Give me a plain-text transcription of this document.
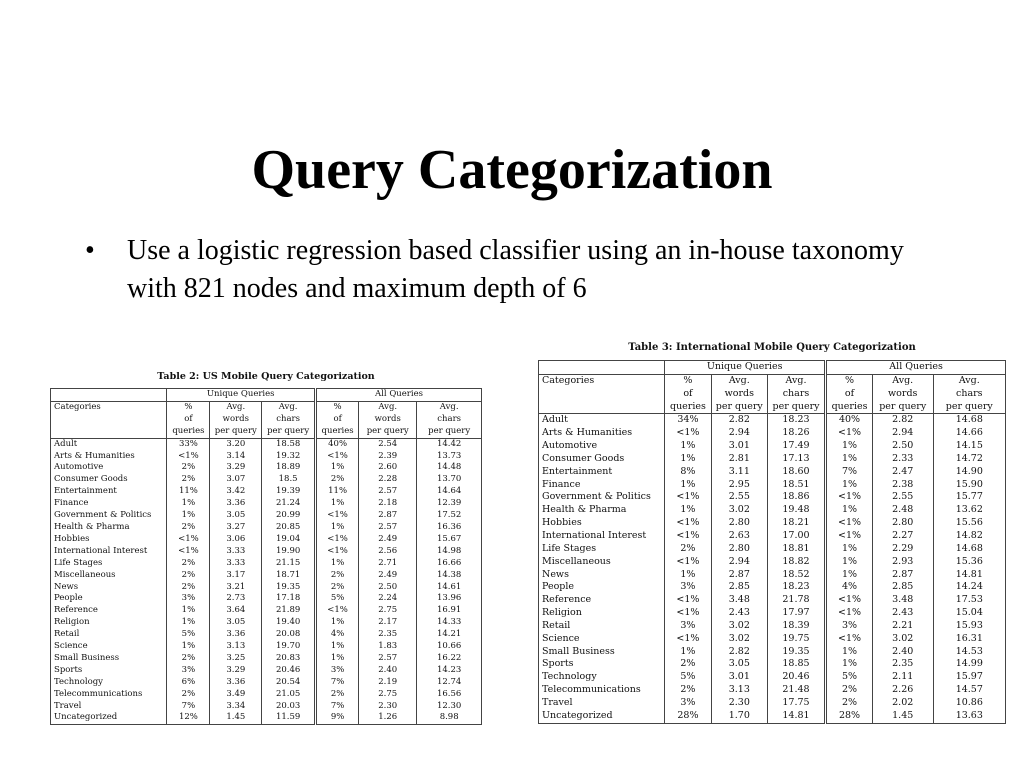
Query Categorization
• Use a logistic regression based classifier using an in-house taxonomy with 821 nodes and maximum depth of 6
Table 2: US Mobile Query Categorization
	Unique Queries			All Queries		
Categories	%	Avg.	Avg.	%	Avg.	Avg.
	of	words	chars	of	words	chars
	queries	per query	per query	queries	per query	per query
Adult	33%	3.20	18.58	40%	2.54	14.42
Arts & Humanities	<1%	3.14	19.32	<1%	2.39	13.73
Automotive	2%	3.29	18.89	1%	2.60	14.48
Consumer Goods	2%	3.07	18.5	2%	2.28	13.70
Entertainment	11%	3.42	19.39	11%	2.57	14.64
Finance	1%	3.36	21.24	1%	2.18	12.39
Government & Politics	1%	3.05	20.99	<1%	2.87	17.52
Health & Pharma	2%	3.27	20.85	1%	2.57	16.36
Hobbies	<1%	3.06	19.04	<1%	2.49	15.67
International Interest	<1%	3.33	19.90	<1%	2.56	14.98
Life Stages	2%	3.33	21.15	1%	2.71	16.66
Miscellaneous	2%	3.17	18.71	2%	2.49	14.38
News	2%	3.21	19.35	2%	2.50	14.61
People	3%	2.73	17.18	5%	2.24	13.96
Reference	1%	3.64	21.89	<1%	2.75	16.91
Religion	1%	3.05	19.40	1%	2.17	14.33
Retail	5%	3.36	20.08	4%	2.35	14.21
Science	1%	3.13	19.70	1%	1.83	10.66
Small Business	2%	3.25	20.83	1%	2.57	16.22
Sports	3%	3.29	20.46	3%	2.40	14.23
Technology	6%	3.36	20.54	7%	2.19	12.74
Telecommunications	2%	3.49	21.05	2%	2.75	16.56
Travel	7%	3.34	20.03	7%	2.30	12.30
Uncategorized	12%	1.45	11.59	9%	1.26	8.98
Table 3: International Mobile Query Categorization
	Unique Queries			All Queries		
Categories	%	Avg.	Avg.	%	Avg.	Avg.
	of	words	chars	of	words	chars
	queries	per query	per query	queries	per query	per query
Adult	34%	2.82	18.23	40%	2.82	14.68
Arts & Humanities	<1%	2.94	18.26	<1%	2.94	14.66
Automotive	1%	3.01	17.49	1%	2.50	14.15
Consumer Goods	1%	2.81	17.13	1%	2.33	14.72
Entertainment	8%	3.11	18.60	7%	2.47	14.90
Finance	1%	2.95	18.51	1%	2.38	15.90
Government & Politics	<1%	2.55	18.86	<1%	2.55	15.77
Health & Pharma	1%	3.02	19.48	1%	2.48	13.62
Hobbies	<1%	2.80	18.21	<1%	2.80	15.56
International Interest	<1%	2.63	17.00	<1%	2.27	14.82
Life Stages	2%	2.80	18.81	1%	2.29	14.68
Miscellaneous	<1%	2.94	18.82	1%	2.93	15.36
News	1%	2.87	18.52	1%	2.87	14.81
People	3%	2.85	18.23	4%	2.85	14.24
Reference	<1%	3.48	21.78	<1%	3.48	17.53
Religion	<1%	2.43	17.97	<1%	2.43	15.04
Retail	3%	3.02	18.39	3%	2.21	15.93
Science	<1%	3.02	19.75	<1%	3.02	16.31
Small Business	1%	2.82	19.35	1%	2.40	14.53
Sports	2%	3.05	18.85	1%	2.35	14.99
Technology	5%	3.01	20.46	5%	2.11	15.97
Telecommunications	2%	3.13	21.48	2%	2.26	14.57
Travel	3%	2.30	17.75	2%	2.02	10.86
Uncategorized	28%	1.70	14.81	28%	1.45	13.63
